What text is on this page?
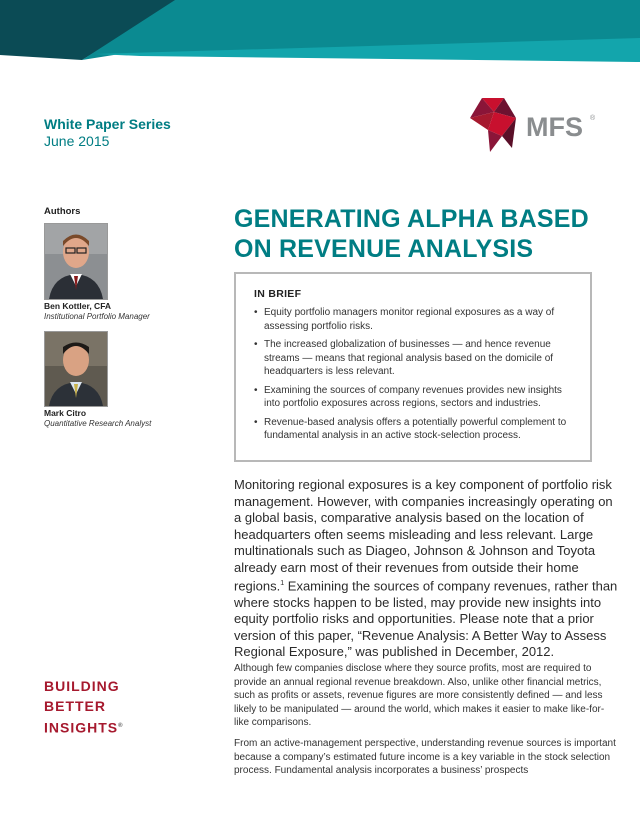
White Paper Series
June 2015	MFS ®
Authors
Ben Kottler, CFA
Institutional Portfolio Manager
Mark Citro
Quantitative Research Analyst
GENERATING ALPHA BASED
ON REVENUE ANALYSIS
IN BRIEF
• Equity portfolio managers monitor regional exposures as a way of assessing portfolio risks.
• The increased globalization of businesses — and hence revenue streams — means that regional analysis based on the domicile of headquarters is less relevant.
• Examining the sources of company revenues provides new insights into portfolio exposures across regions, sectors and industries.
• Revenue-based analysis offers a potentially powerful complement to fundamental analysis in an active stock-selection process.

Monitoring regional exposures is a key component of portfolio risk management. However, with companies increasingly operating on a global basis, comparative analysis based on the location of headquarters often seems misleading and less relevant. Large multinationals such as Diageo, Johnson & Johnson and Toyota already earn most of their revenues from outside their home regions.$^1$ Examining the sources of company revenues, rather than where stocks happen to be listed, may provide new insights into equity portfolio risks and opportunities. Please note that a prior version of this paper, “Revenue Analysis: A Better Way to Assess Regional Exposure,” was published in December, 2012.

Although few companies disclose where they source profits, most are required to provide an annual regional revenue breakdown. Also, unlike other financial metrics, such as profits or assets, revenue figures are more consistently defined — and less likely to be manipulated — around the world, which makes it easier to make like-for-like comparisons.

From an active-management perspective, understanding revenue sources is important because a company’s estimated future income is a key variable in the stock selection process. Fundamental analysis incorporates a business’ prospects

BUILDING
BETTER
INSIGHTS®
